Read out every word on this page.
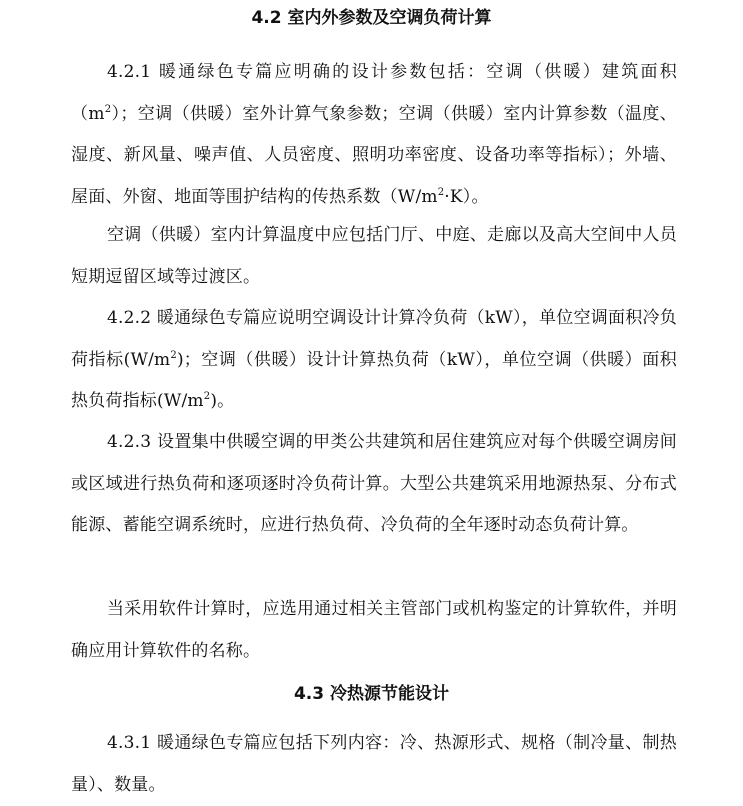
4.2 室内外参数及空调负荷计算

4.2.1 暖通绿色专篇应明确的设计参数包括：空调（供暖）建筑面积$(m^2)$；空调（供暖）室外计算气象参数；空调（供暖）室内计算参数（温度、湿度、新风量、噪声值、人员密度、照明功率密度、设备功率等指标）；外墙、屋面、外窗、地面等围护结构的传热系数$(W/m^2\cdot K)$。

空调（供暖）室内计算温度中应包括门厅、中庭、走廊以及高大空间中人员短期逗留区域等过渡区。

4.2.2 暖通绿色专篇应说明空调设计计算冷负荷（kW），单位空调面积冷负荷指标$(W/m^2)$；空调（供暖）设计计算热负荷（kW），单位空调（供暖）面积热负荷指标$(W/m^2)$。

4.2.3 设置集中供暖空调的甲类公共建筑和居住建筑应对每个供暖空调房间或区域进行热负荷和逐项逐时冷负荷计算。大型公共建筑采用地源热泵、分布式能源、蓄能空调系统时，应进行热负荷、冷负荷的全年逐时动态负荷计算。

当采用软件计算时，应选用通过相关主管部门或机构鉴定的计算软件，并明确应用计算软件的名称。

4.3 冷热源节能设计

4.3.1 暖通绿色专篇应包括下列内容：冷、热源形式、规格（制冷量、制热量）、数量。
